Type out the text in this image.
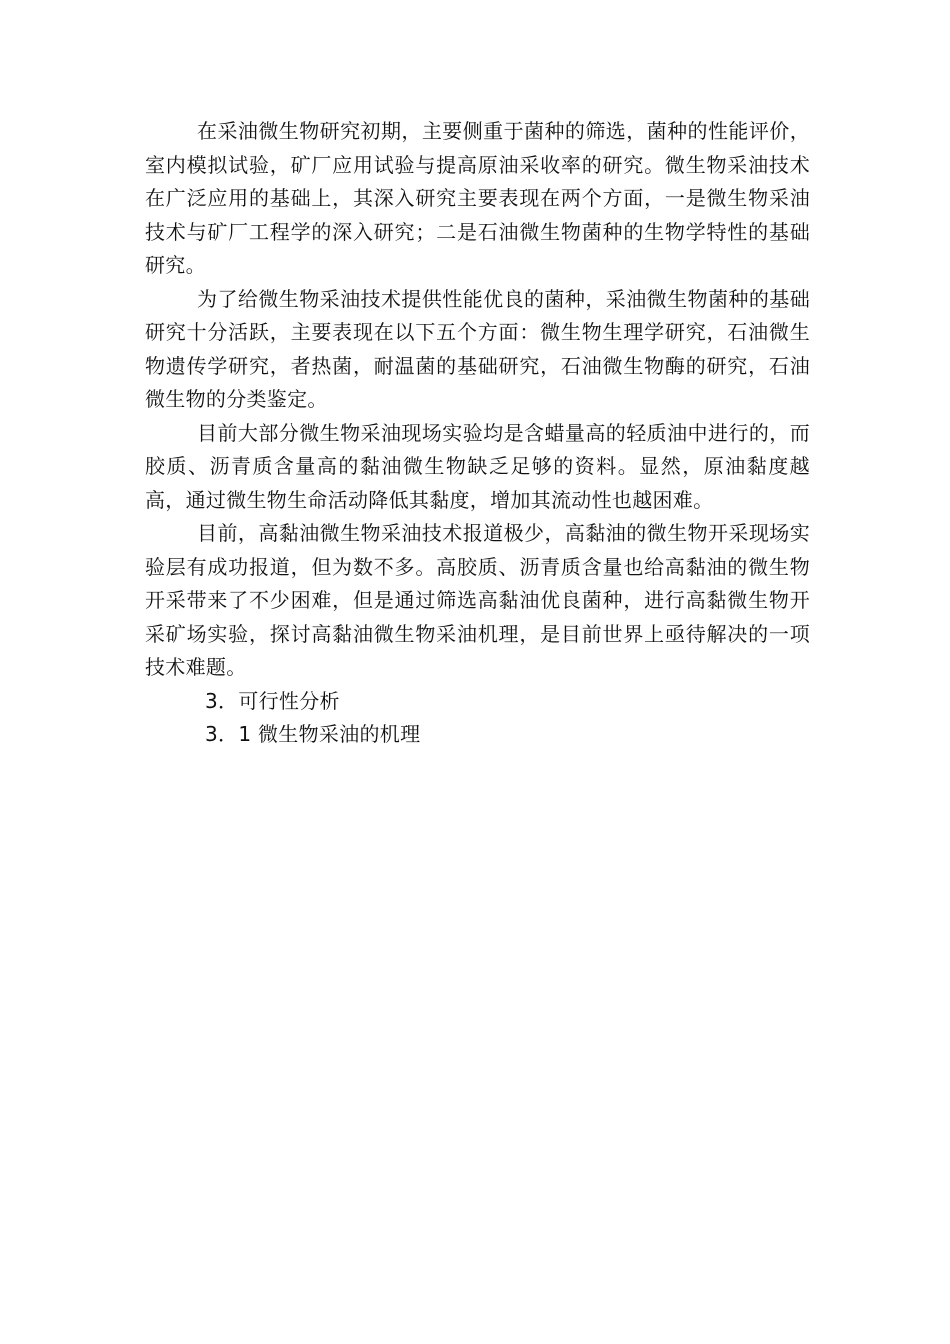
在采油微生物研究初期，主要侧重于菌种的筛选，菌种的性能评价，室内模拟试验，矿厂应用试验与提高原油采收率的研究。微生物采油技术在广泛应用的基础上，其深入研究主要表现在两个方面，一是微生物采油技术与矿厂工程学的深入研究；二是石油微生物菌种的生物学特性的基础研究。

为了给微生物采油技术提供性能优良的菌种，采油微生物菌种的基础研究十分活跃，主要表现在以下五个方面：微生物生理学研究，石油微生物遗传学研究，者热菌，耐温菌的基础研究，石油微生物酶的研究，石油微生物的分类鉴定。

目前大部分微生物采油现场实验均是含蜡量高的轻质油中进行的，而胶质、沥青质含量高的黏油微生物缺乏足够的资料。显然，原油黏度越高，通过微生物生命活动降低其黏度，增加其流动性也越困难。

目前，高黏油微生物采油技术报道极少，高黏油的微生物开采现场实验层有成功报道，但为数不多。高胶质、沥青质含量也给高黏油的微生物开采带来了不少困难，但是通过筛选高黏油优良菌种，进行高黏微生物开采矿场实验，探讨高黏油微生物采油机理，是目前世界上亟待解决的一项技术难题。

3．可行性分析

3．1 微生物采油的机理
